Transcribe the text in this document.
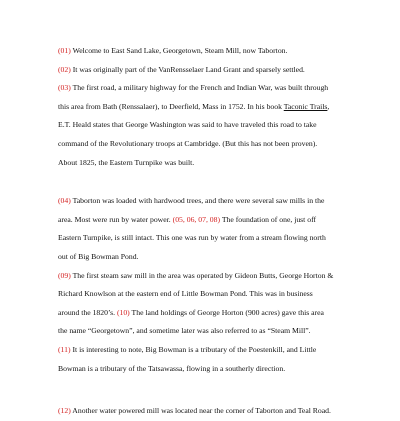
(01) Welcome to East Sand Lake, Georgetown, Steam Mill, now Taborton.
(02) It was originally part of the VanRensselaer Land Grant and sparsely settled.
(03) The first road, a military highway for the French and Indian War, was built through
this area from Bath (Renssalaer), to Deerfield, Mass in 1752. In his book Taconic Trails,
E.T. Heald states that George Washington was said to have traveled this road to take
command of the Revolutionary troops at Cambridge. (But this has not been proven).
About 1825, the Eastern Turnpike was built.
(04) Taborton was loaded with hardwood trees, and there were several saw mills in the
area. Most were run by water power. (05, 06, 07, 08) The foundation of one, just off
Eastern Turnpike, is still intact. This one was run by water from a stream flowing north
out of Big Bowman Pond.
(09) The first steam saw mill in the area was operated by Gideon Butts, George Horton &
Richard Knowlson at the eastern end of Little Bowman Pond. This was in business
around the 1820’s. (10) The land holdings of George Horton (900 acres) gave this area
the name “Georgetown”, and sometime later was also referred to as “Steam Mill”.
(11) It is interesting to note, Big Bowman is a tributary of the Poestenkill, and Little
Bowman is a tributary of the Tatsawassa, flowing in a southerly direction.
(12) Another water powered mill was located near the corner of Taborton and Teal Road.
